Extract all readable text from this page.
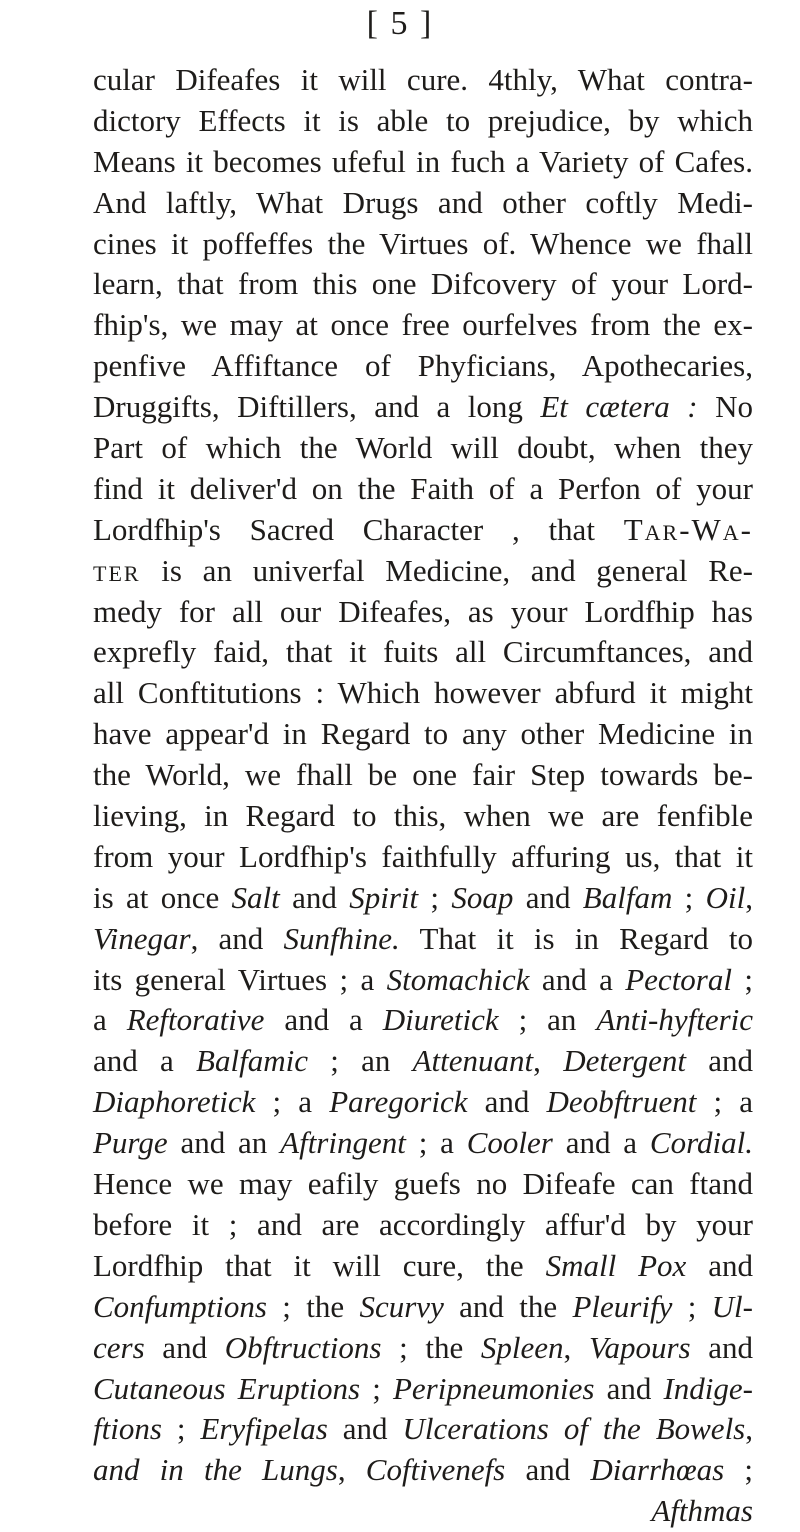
[ 5 ]
cular Difeafes it will cure. 4thly, What contra-
dictory Effects it is able to prejudice, by which
Means it becomes ufeful in fuch a Variety of Cafes.
And laftly, What Drugs and other coftly Medi-
cines it poffeffes the Virtues of. Whence we fhall
learn, that from this one Difcovery of your Lord-
fhip's, we may at once free ourfelves from the ex-
penfive Affiftance of Phyficians, Apothecaries,
Druggifts, Diftillers, and a long Et cætera : No
Part of which the World will doubt, when they
find it deliver'd on the Faith of a Perfon of your
Lordfhip's Sacred Character , that Tar-Wa-
ter is an univerfal Medicine, and general Re-
medy for all our Difeafes, as your Lordfhip has
exprefly faid, that it fuits all Circumftances, and
all Conftitutions : Which however abfurd it might
have appear'd in Regard to any other Medicine in
the World, we fhall be one fair Step towards be-
lieving, in Regard to this, when we are fenfible
from your Lordfhip's faithfully affuring us, that it
is at once Salt and Spirit ; Soap and Balfam ; Oil,
Vinegar, and Sunfhine. That it is in Regard to
its general Virtues ; a Stomachick and a Pectoral ;
a Reftorative and a Diuretick ; an Anti-hyfteric
and a Balfamic ; an Attenuant, Detergent and
Diaphoretick ; a Paregorick and Deobftruent ; a
Purge and an Aftringent ; a Cooler and a Cordial.
Hence we may eafily guefs no Difeafe can ftand
before it ; and are accordingly affur'd by your
Lordfhip that it will cure, the Small Pox and
Confumptions ; the Scurvy and the Pleurify ; Ul-
cers and Obftructions ; the Spleen, Vapours and
Cutaneous Eruptions ; Peripneumonies and Indige-
ftions ; Eryfipelas and Ulcerations of the Bowels,
and in the Lungs, Coftivenefs and Diarrhœas ;
Afthmas
